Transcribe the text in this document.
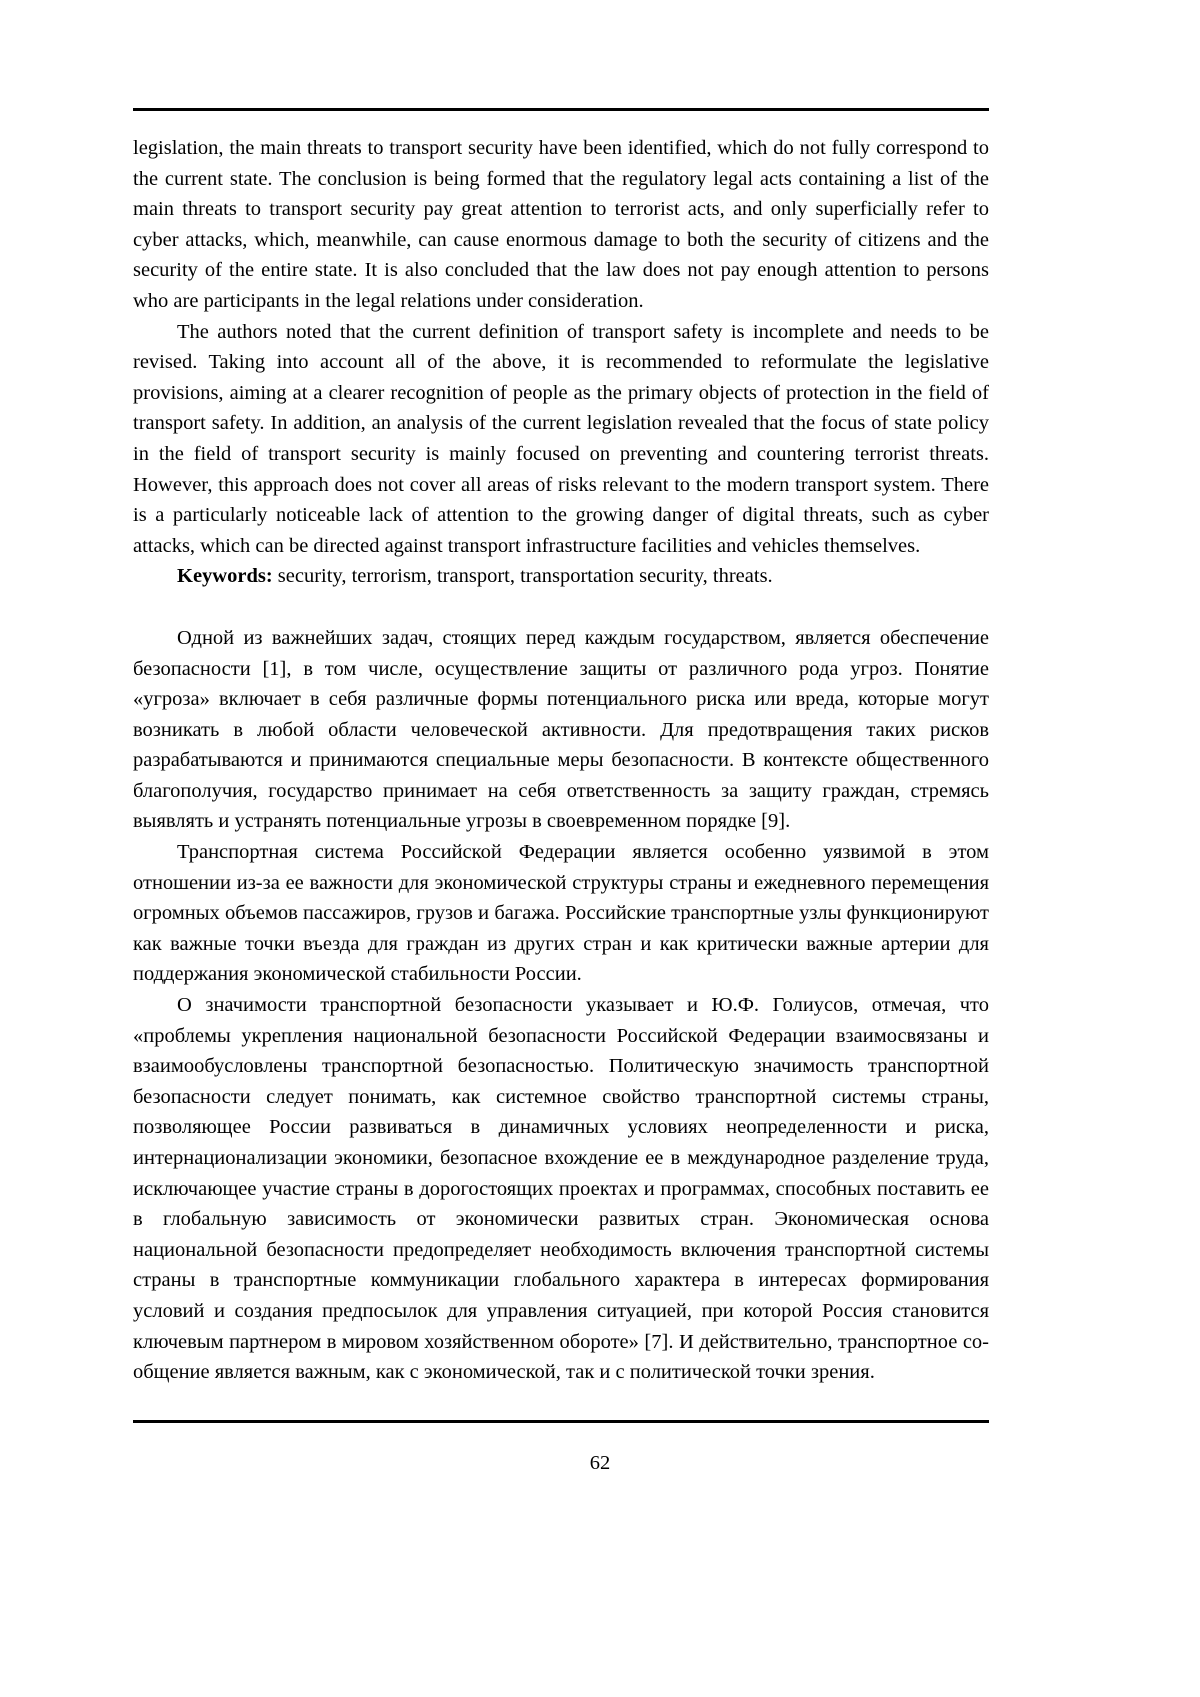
legislation, the main threats to transport security have been identified, which do not fully correspond to the current state. The conclusion is being formed that the regulatory legal acts containing a list of the main threats to transport security pay great attention to terrorist acts, and only superficially refer to cyber attacks, which, meanwhile, can cause enormous damage to both the security of citizens and the security of the entire state. It is also concluded that the law does not pay enough attention to persons who are participants in the legal relations under consideration.

The authors noted that the current definition of transport safety is incomplete and needs to be revised. Taking into account all of the above, it is recommended to reformulate the legislative provisions, aiming at a clearer recognition of people as the primary objects of protection in the field of transport safety. In addition, an analysis of the current legislation revealed that the focus of state policy in the field of transport security is mainly focused on preventing and countering terrorist threats. However, this approach does not cover all areas of risks relevant to the modern transport system. There is a particularly noticeable lack of attention to the growing danger of digital threats, such as cyber attacks, which can be directed against transport infrastructure facilities and vehicles themselves.

Keywords: security, terrorism, transport, transportation security, threats.

Одной из важнейших задач, стоящих перед каждым государством, является обеспечение безопасности [1], в том числе, осуществление защиты от различного рода угроз. Понятие «угроза» включает в себя различные формы потенциального риска или вреда, которые могут возникать в любой области человеческой активности. Для предотвращения таких рисков разрабатываются и принимаются специальные меры безопасности. В контексте общественного благополучия, государство принимает на себя ответственность за защиту граждан, стремясь выявлять и устранять потенциальные угрозы в своевременном порядке [9].

Транспортная система Российской Федерации является особенно уязвимой в этом отношении из-за ее важности для экономической структуры страны и ежедневного перемещения огромных объемов пассажиров, грузов и багажа. Российские транспортные узлы функционируют как важные точки въезда для граждан из других стран и как критически важные артерии для поддержания экономической стабильности России.

О значимости транспортной безопасности указывает и Ю.Ф. Голиусов, отмечая, что «проблемы укрепления национальной безопасности Российской Федерации взаимосвязаны и взаимообусловлены транспортной безопасностью. Политическую значимость транспортной безопасности следует понимать, как системное свойство транспортной системы страны, позволяющее России развиваться в динамичных условиях неопределенности и риска, интернационализации экономики, безопасное вхождение ее в международное разделение труда, исключающее участие страны в дорогостоящих проектах и программах, способных поставить ее в глобальную зависимость от экономически развитых стран. Экономическая основа национальной безопасности предопределяет необходимость включения транспортной системы страны в транспортные коммуникации глобального характера в интересах формирования условий и создания предпосылок для управления ситуацией, при которой Россия становится ключевым партнером в мировом хозяйственном обороте» [7]. И действительно, транспортное сообщение является важным, как с экономической, так и с политической точки зрения.

62
